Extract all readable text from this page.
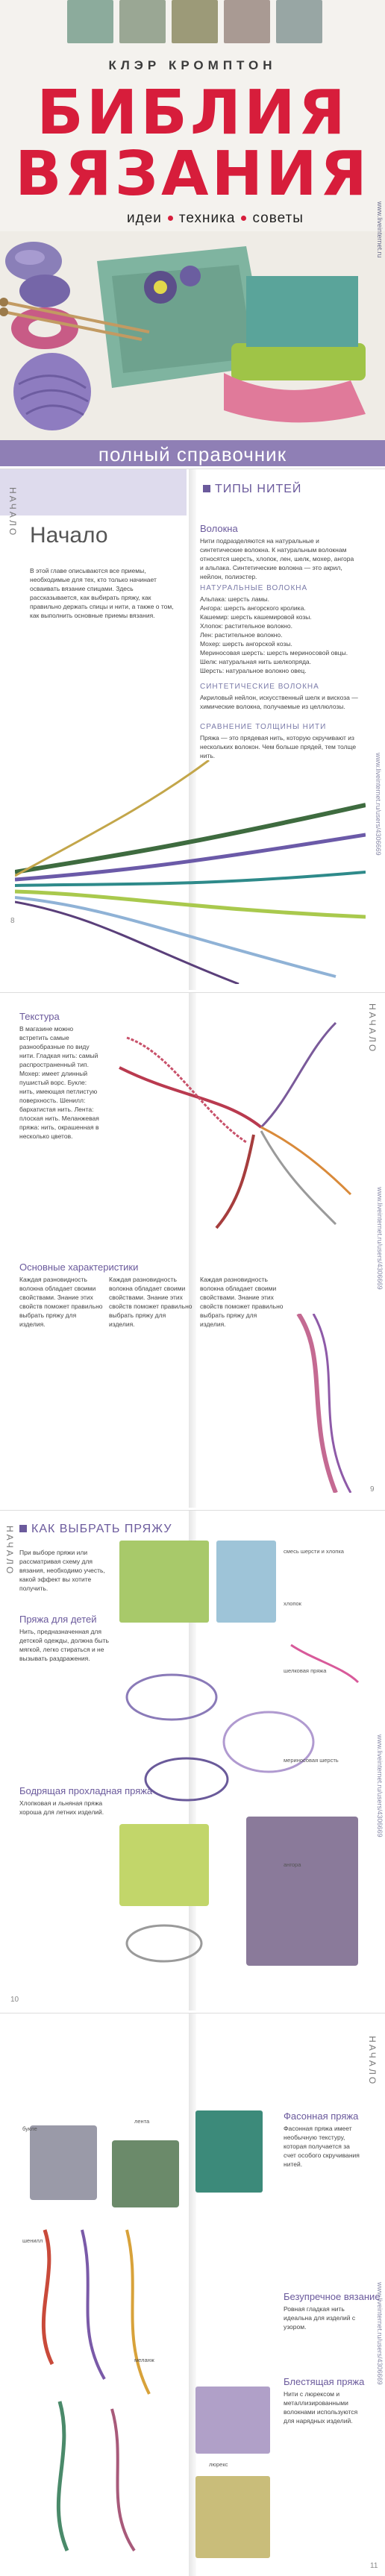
КЛЭР КРОМПТОН
БИБЛИЯ
ВЯЗАНИЯ
идеи техника советы
полный справочник
www.liveinternet.ru
НАЧАЛО Начало
В этой главе описываются все приемы, необходимые для тех, кто только начинает осваивать вязание спицами. Здесь рассказывается, как выбирать пряжу, как правильно держать спицы и нити, а также о том, как выполнить основные приемы вязания.
ТИПЫ НИТЕЙ
Волокна
Нити подразделяются на натуральные и синтетические волокна. К натуральным волокнам относятся шерсть, хлопок, лен, шелк, мохер, ангора и альпака. Синтетические волокна — это акрил, нейлон, полиэстер.
НАТУРАЛЬНЫЕ ВОЛОКНА
Альпака: шерсть ламы.
Ангора: шерсть ангорского кролика.
Кашемир: шерсть кашемировой козы.
Хлопок: растительное волокно.
Лен: растительное волокно.
Мохер: шерсть ангорской козы.
Мериносовая шерсть: шерсть мериносовой овцы.
Шелк: натуральная нить шелкопряда.
Шерсть: натуральное волокно овец.
СИНТЕТИЧЕСКИЕ ВОЛОКНА
Акриловый нейлон, искусственный шелк и вискоза — химические волокна, получаемые из целлюлозы.
СРАВНЕНИЕ ТОЛЩИНЫ НИТИ
Пряжа — это прядевая нить, которую скручивают из нескольких волокон. Чем больше прядей, тем толще нить.
8
www.liveinternet.ru/users/4306669
НАЧАЛО
Текстура
В магазине можно встретить самые разнообразные по виду нити. Гладкая нить: самый распространенный тип. Мохер: имеет длинный пушистый ворс. Букле: нить, имеющая петлистую поверхность. Шенилл: бархатистая нить. Лента: плоская нить. Меланжевая пряжа: нить, окрашенная в несколько цветов.
Основные характеристики
Каждая разновидность волокна обладает своими свойствами. Знание этих свойств поможет правильно выбрать пряжу для изделия.
Каждая разновидность волокна обладает своими свойствами. Знание этих свойств поможет правильно выбрать пряжу для изделия.
Каждая разновидность волокна обладает своими свойствами. Знание этих свойств поможет правильно выбрать пряжу для изделия.
9
www.liveinternet.ru/users/4306669
НАЧАЛО	КАК ВЫБРАТЬ ПРЯЖУ
При выборе пряжи или рассматривая схему для вязания, необходимо учесть, какой эффект вы хотите получить.
Пряжа для детей
Нить, предназначенная для детской одежды, должна быть мягкой, легко стираться и не вызывать раздражения.
Бодрящая прохладная пряжа
Хлопковая и льняная пряжа хороша для летних изделий.
смесь шерсти и хлопка
хлопок
шелковая пряжа
мериносовая шерсть
ангора
10
www.liveinternet.ru/users/4306669
НАЧАЛО
Фасонная пряжа
Фасонная пряжа имеет необычную текстуру, которая получается за счет особого скручивания нитей.
Безупречное вязание
Ровная гладкая нить идеальна для изделий с узором.
Блестящая пряжа
Нити с люрексом и металлизированными волокнами используются для нарядных изделий.
букле
лента
шенилл
меланж
люрекс
11
www.liveinternet.ru/users/4306669
